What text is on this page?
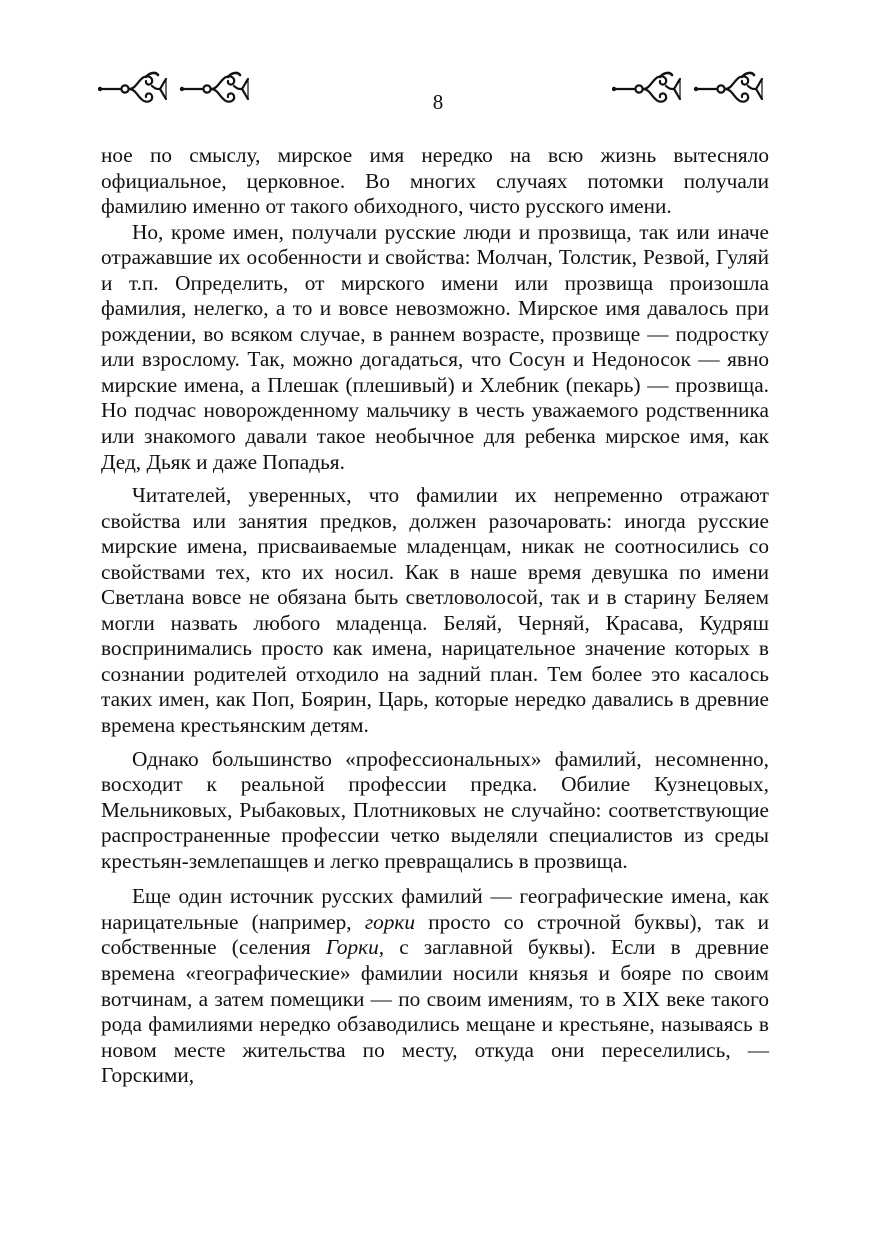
8

ное по смыслу, мирское имя нередко на всю жизнь вытесняло официальное, церковное. Во многих случаях потомки получали фамилию именно от такого обиходного, чисто русского имени.

Но, кроме имен, получали русские люди и прозвища, так или иначе отражавшие их особенности и свойства: Молчан, Толстик, Резвой, Гуляй и т.п. Определить, от мирского имени или прозвища произошла фамилия, нелегко, а то и вовсе невозможно. Мирское имя давалось при рождении, во всяком случае, в раннем возрасте, прозвище — подростку или взрослому. Так, можно догадаться, что Сосун и Недоносок — явно мирские имена, а Плешак (плешивый) и Хлебник (пекарь) — прозвища. Но подчас новорожденному мальчику в честь уважаемого родственника или знакомого давали такое необычное для ребенка мирское имя, как Дед, Дьяк и даже Попадья.

Читателей, уверенных, что фамилии их непременно отражают свойства или занятия предков, должен разочаровать: иногда русские мирские имена, присваиваемые младенцам, никак не соотносились со свойствами тех, кто их носил. Как в наше время девушка по имени Светлана вовсе не обязана быть светловолосой, так и в старину Беляем могли назвать любого младенца. Беляй, Черняй, Красава, Кудряш воспринимались просто как имена, нарицательное значение которых в сознании родителей отходило на задний план. Тем более это касалось таких имен, как Поп, Боярин, Царь, которые нередко давались в древние времена крестьянским детям.

Однако большинство «профессиональных» фамилий, несомненно, восходит к реальной профессии предка. Обилие Кузнецовых, Мельниковых, Рыбаковых, Плотниковых не случайно: соответствующие распространенные профессии четко выделяли специалистов из среды крестьян-землепашцев и легко превращались в прозвища.

Еще один источник русских фамилий — географические имена, как нарицательные (например, горки просто со строчной буквы), так и собственные (селения Горки, с заглавной буквы). Если в древние времена «географические» фамилии носили князья и бояре по своим вотчинам, а затем помещики — по своим имениям, то в XIX веке такого рода фамилиями нередко обзаводились мещане и крестьяне, называясь в новом месте жительства по месту, откуда они переселились, — Горскими,
